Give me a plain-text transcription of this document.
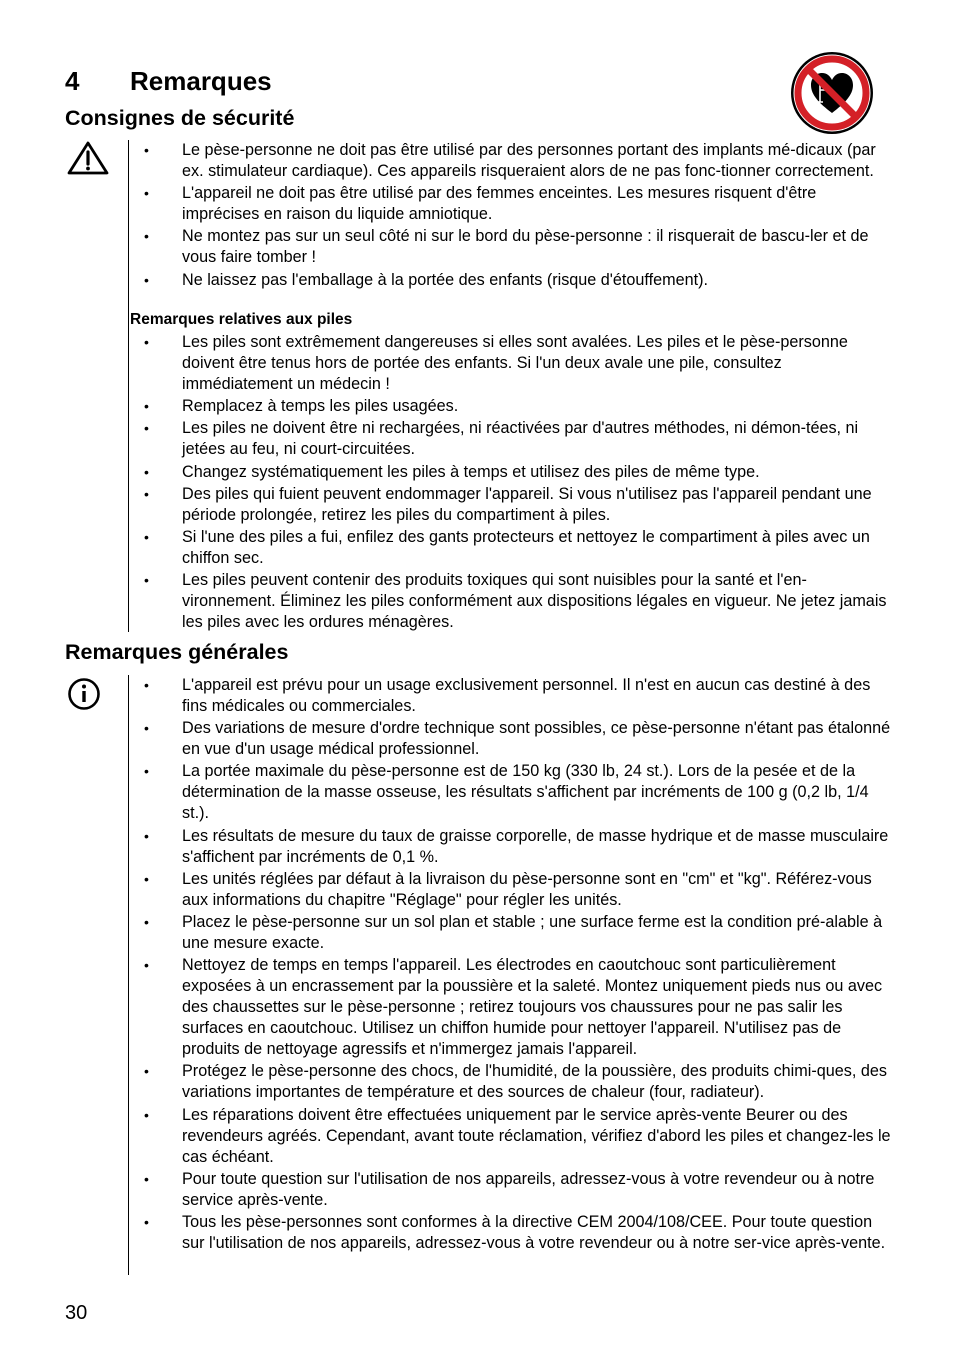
4	Remarques
Consignes de sécurité
• Le pèse-personne ne doit pas être utilisé par des personnes portant des implants mé-dicaux (par ex. stimulateur cardiaque). Ces appareils risqueraient alors de ne pas fonc-tionner correctement.
• L'appareil ne doit pas être utilisé par des femmes enceintes. Les mesures risquent d'être imprécises en raison du liquide amniotique.
• Ne montez pas sur un seul côté ni sur le bord du pèse-personne : il risquerait de bascu-ler et de vous faire tomber !
• Ne laissez pas l'emballage à la portée des enfants (risque d'étouffement).
Remarques relatives aux piles
• Les piles sont extrêmement dangereuses si elles sont avalées. Les piles et le pèse-personne doivent être tenus hors de portée des enfants. Si l'un deux avale une pile, consultez immédiatement un médecin !
• Remplacez à temps les piles usagées.
• Les piles ne doivent être ni rechargées, ni réactivées par d'autres méthodes, ni démon-tées, ni jetées au feu, ni court-circuitées.
• Changez systématiquement les piles à temps et utilisez des piles de même type.
• Des piles qui fuient peuvent endommager l'appareil. Si vous n'utilisez pas l'appareil pendant une période prolongée, retirez les piles du compartiment à piles.
• Si l'une des piles a fui, enfilez des gants protecteurs et nettoyez le compartiment à piles avec un chiffon sec.
• Les piles peuvent contenir des produits toxiques qui sont nuisibles pour la santé et l'en-vironnement. Éliminez les piles conformément aux dispositions légales en vigueur. Ne jetez jamais les piles avec les ordures ménagères.
Remarques générales
• L'appareil est prévu pour un usage exclusivement personnel. Il n'est en aucun cas destiné à des fins médicales ou commerciales.
• Des variations de mesure d'ordre technique sont possibles, ce pèse-personne n'étant pas étalonné en vue d'un usage médical professionnel.
• La portée maximale du pèse-personne est de 150 kg (330 lb, 24 st.). Lors de la pesée et de la détermination de la masse osseuse, les résultats s'affichent par incréments de 100 g (0,2 lb, 1/4 st.).
• Les résultats de mesure du taux de graisse corporelle, de masse hydrique et de masse musculaire s'affichent par incréments de 0,1 %.
• Les unités réglées par défaut à la livraison du pèse-personne sont en "cm" et "kg". Référez-vous aux informations du chapitre "Réglage" pour régler les unités.
• Placez le pèse-personne sur un sol plan et stable ; une surface ferme est la condition pré-alable à une mesure exacte.
• Nettoyez de temps en temps l'appareil. Les électrodes en caoutchouc sont particulièrement exposées à un encrassement par la poussière et la saleté. Montez uniquement pieds nus ou avec des chaussettes sur le pèse-personne ; retirez toujours vos chaussures pour ne pas salir les surfaces en caoutchouc. Utilisez un chiffon humide pour nettoyer l'appareil. N'utilisez pas de produits de nettoyage agressifs et n'immergez jamais l'appareil.
• Protégez le pèse-personne des chocs, de l'humidité, de la poussière, des produits chimi-ques, des variations importantes de température et des sources de chaleur (four, radiateur).
• Les réparations doivent être effectuées uniquement par le service après-vente Beurer ou des revendeurs agréés. Cependant, avant toute réclamation, vérifiez d'abord les piles et changez-les le cas échéant.
• Pour toute question sur l'utilisation de nos appareils, adressez-vous à votre revendeur ou à notre service après-vente.
• Tous les pèse-personnes sont conformes à la directive CEM 2004/108/CEE. Pour toute question sur l'utilisation de nos appareils, adressez-vous à votre revendeur ou à notre ser-vice après-vente.
30
